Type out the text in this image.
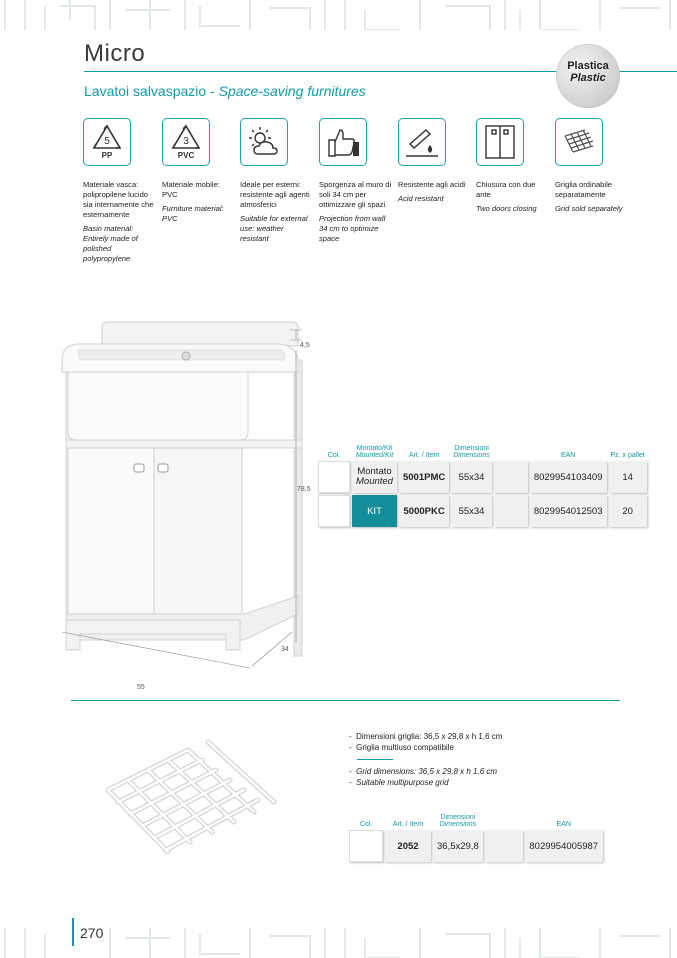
Micro
Lavatoi salvaspazio - Space-saving furnitures
Plastica
Plastic
5
PP
Materiale vasca: polipropilene lucido sia internamente che esternamente
Basin material: Entirely made of polished polypropylene
3
PVC
Materiale mobile: PVC
Furniture material: PVC
Ideale per esterni: resistente agli agenti atmosferici
Suitable for external use: weather resistant
Sporgenza al muro di soli 34 cm per ottimizzare gli spazi
Projection from wall 34 cm to optimize space
Resistente agli acidi
Acid resistant
Chiusura con due ante
Two doors closing
Griglia ordinabile separatamente
Grid sold separately
4,5
78,5
55
34
Col.	Montato/Kit
Mounted/Kit	Art. / Item	Dimensioni
Dimensions		EAN	Pz. x pallet
	Montato
Mounted	5001PMC	55x34		8029954103409	14
	KIT	5000PKC	55x34		8029954012503	20
-  Dimensioni griglia: 36,5 x 29,8 x h 1,6 cm
-  Griglia multiuso compatibile
-  Grid dimensions: 36,5 x 29,8 x h 1,6 cm
-  Suitable multipurpose grid
Col.	Art. / Item	Dimensioni
Dimensions		EAN
	2052	36,5x29,8		8029954005987
270
